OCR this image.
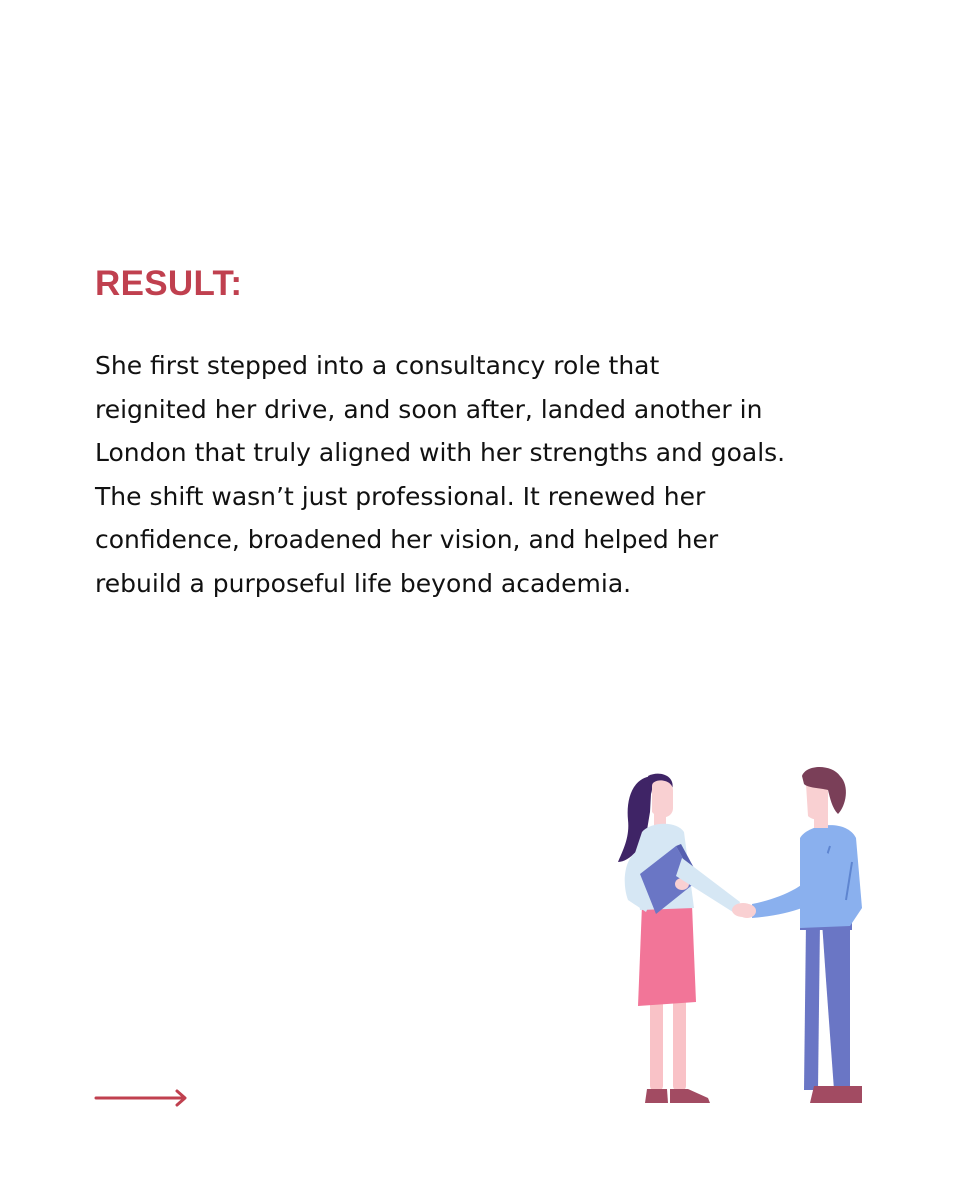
RESULT:

She first stepped into a consultancy role that
reignited her drive, and soon after, landed another in
London that truly aligned with her strengths and goals.
The shift wasn’t just professional. It renewed her
confidence, broadened her vision, and helped her
rebuild a purposeful life beyond academia.
